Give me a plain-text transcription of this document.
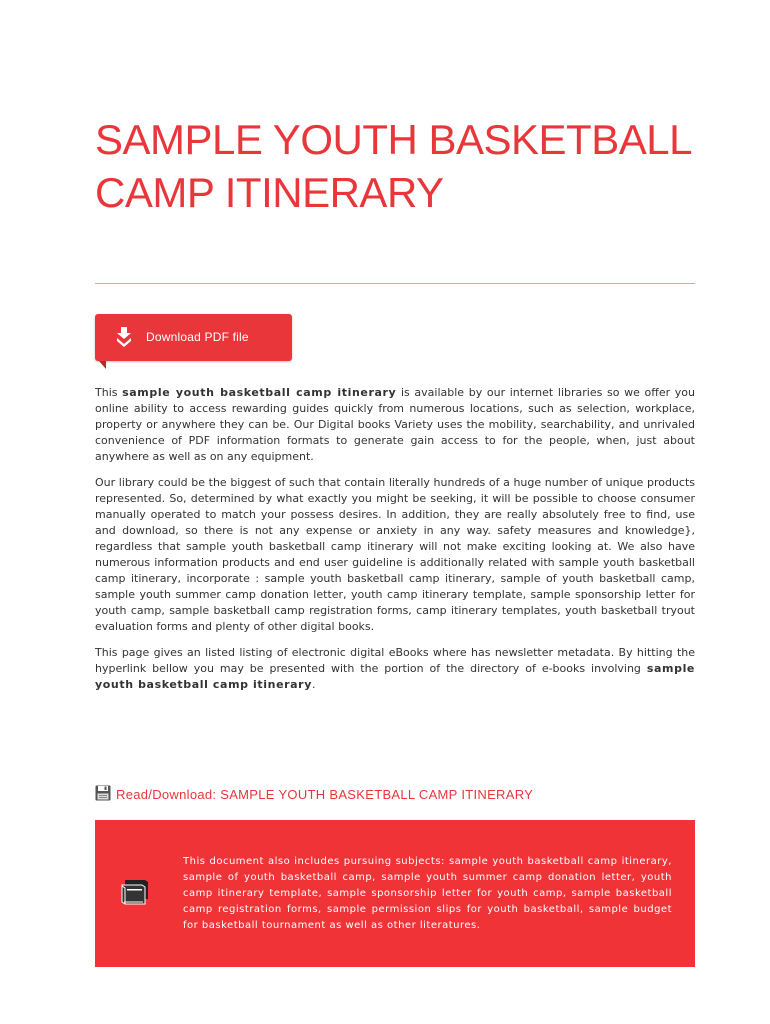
SAMPLE YOUTH BASKETBALL CAMP ITINERARY
Download PDF file

This sample youth basketball camp itinerary is available by our internet libraries so we offer you online ability to access rewarding guides quickly from numerous locations, such as selection, workplace, property or anywhere they can be. Our Digital books Variety uses the mobility, searchability, and unrivaled convenience of PDF information formats to generate gain access to for the people, when, just about anywhere as well as on any equipment.

Our library could be the biggest of such that contain literally hundreds of a huge number of unique products represented. So, determined by what exactly you might be seeking, it will be possible to choose consumer manually operated to match your possess desires. In addition, they are really absolutely free to find, use and download, so there is not any expense or anxiety in any way. safety measures and knowledge}, regardless that sample youth basketball camp itinerary will not make exciting looking at. We also have numerous information products and end user guideline is additionally related with sample youth basketball camp itinerary, incorporate : sample youth basketball camp itinerary, sample of youth basketball camp, sample youth summer camp donation letter, youth camp itinerary template, sample sponsorship letter for youth camp, sample basketball camp registration forms, camp itinerary templates, youth basketball tryout evaluation forms and plenty of other digital books.

This page gives an listed listing of electronic digital eBooks where has newsletter metadata. By hitting the hyperlink bellow you may be presented with the portion of the directory of e-books involving sample youth basketball camp itinerary.

Read/Download: SAMPLE YOUTH BASKETBALL CAMP ITINERARY
This document also includes pursuing subjects: sample youth basketball camp itinerary, sample of youth basketball camp, sample youth summer camp donation letter, youth camp itinerary template, sample sponsorship letter for youth camp, sample basketball camp registration forms, sample permission slips for youth basketball, sample budget for basketball tournament as well as other literatures.
